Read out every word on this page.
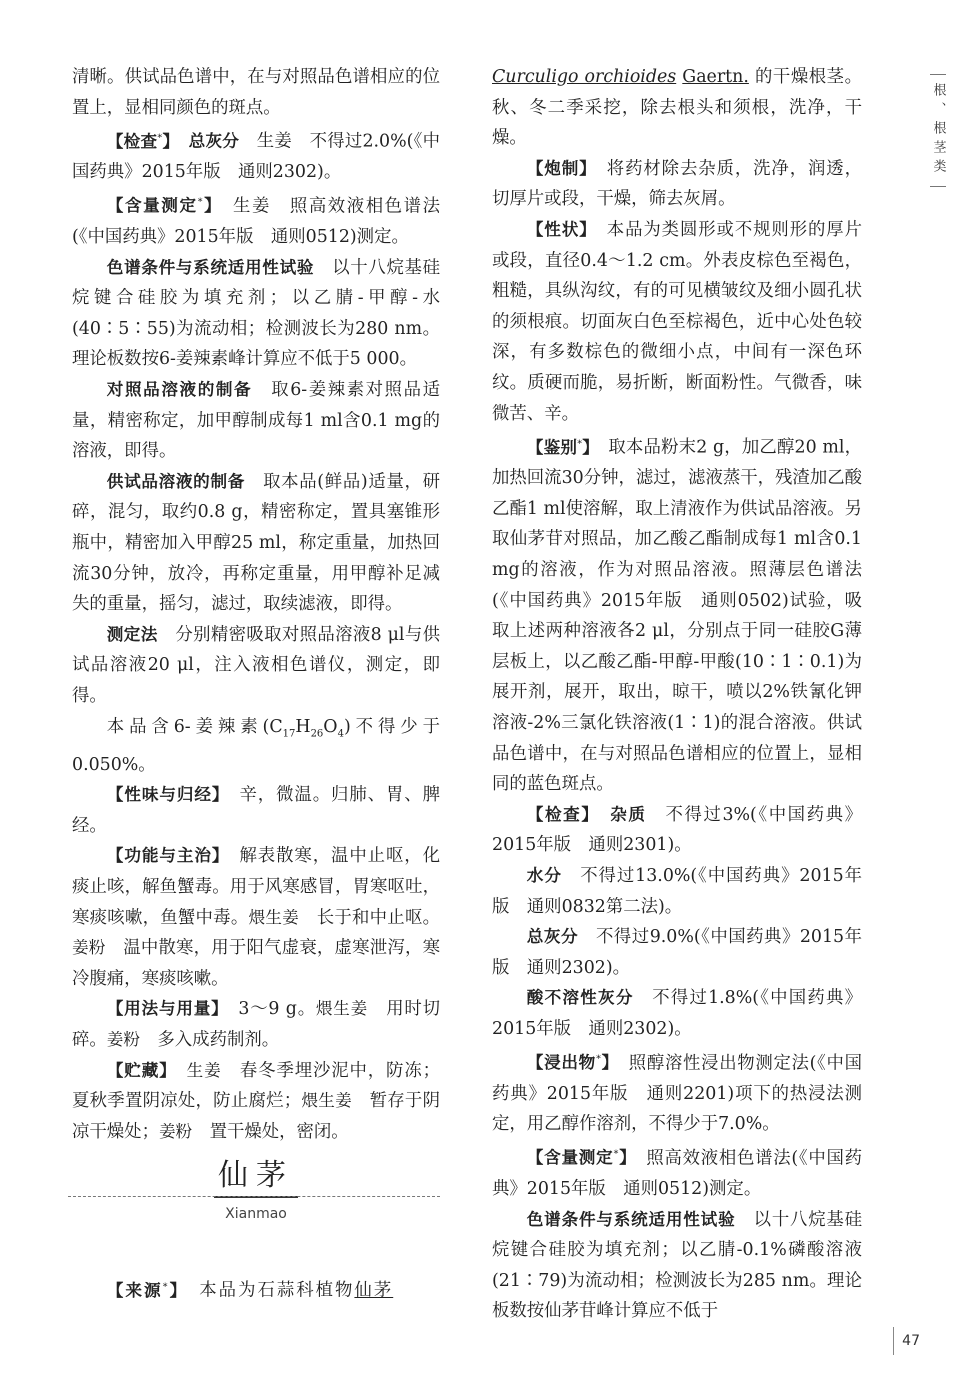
根、根茎类

清晰。供试品色谱中，在与对照品色谱相应的位置上，显相同颜色的斑点。

【检查*】　 总灰分　 生姜　不得过2.0%(《中国药典》2015年版　通则2302)。

【含量测定*】　 生姜　照高效液相色谱法(《中国药典》2015年版　通则0512)测定。

色谱条件与系统适用性试验　 以十八烷基硅烷键合硅胶为填充剂；以乙腈-甲醇-水(40∶5∶55)为流动相；检测波长为280 nm。理论板数按6-姜辣素峰计算应不低于5 000。

对照品溶液的制备　 取6-姜辣素对照品适量，精密称定，加甲醇制成每1 ml含0.1 mg的溶液，即得。

供试品溶液的制备　 取本品(鲜品)适量，研碎，混匀，取约0.8 g，精密称定，置具塞锥形瓶中，精密加入甲醇25 ml，称定重量，加热回流30分钟，放冷，再称定重量，用甲醇补足减失的重量，摇匀，滤过，取续滤液，即得。

测定法　 分别精密吸取对照品溶液8 μl与供试品溶液20 μl，注入液相色谱仪，测定，即得。

本品含6-姜辣素$(C_{17}H_{26}O_4)$不得少于0.050%。

【性味与归经】　 辛，微温。归肺、胃、脾经。

【功能与主治】　 解表散寒，温中止呕，化痰止咳，解鱼蟹毒。用于风寒感冒，胃寒呕吐，寒痰咳嗽，鱼蟹中毒。煨生姜　 长于和中止呕。姜粉　 温中散寒，用于阳气虚衰，虚寒泄泻，寒冷腹痛，寒痰咳嗽。

【用法与用量】　 3～9 g。煨生姜　 用时切碎。姜粉　 多入成药制剂。

【贮藏】　 生姜　 春冬季埋沙泥中，防冻；夏秋季置阴凉处，防止腐烂；煨生姜　 暂存于阴凉干燥处；姜粉　 置干燥处，密闭。

仙茅
Xianmao

【来源*】　 本品为石蒜科植物仙茅

Curculigo orchioides Gaertn. 的干燥根茎。秋、冬二季采挖，除去根头和须根，洗净，干燥。

【炮制】　 将药材除去杂质，洗净，润透，切厚片或段，干燥，筛去灰屑。

【性状】　 本品为类圆形或不规则形的厚片或段，直径0.4～1.2 cm。外表皮棕色至褐色，粗糙，具纵沟纹，有的可见横皱纹及细小圆孔状的须根痕。切面灰白色至棕褐色，近中心处色较深，有多数棕色的微细小点，中间有一深色环纹。质硬而脆，易折断，断面粉性。气微香，味微苦、辛。

【鉴别*】　 取本品粉末2 g，加乙醇20 ml，加热回流30分钟，滤过，滤液蒸干，残渣加乙酸乙酯1 ml使溶解，取上清液作为供试品溶液。另取仙茅苷对照品，加乙酸乙酯制成每1 ml含0.1 mg的溶液，作为对照品溶液。照薄层色谱法(《中国药典》2015年版　通则0502)试验，吸取上述两种溶液各2 μl，分别点于同一硅胶G薄层板上，以乙酸乙酯-甲醇-甲酸(10∶1∶0.1)为展开剂，展开，取出，晾干，喷以2%铁氰化钾溶液-2%三氯化铁溶液(1∶1)的混合溶液。供试品色谱中，在与对照品色谱相应的位置上，显相同的蓝色斑点。

【检查】　 杂质　 不得过3%(《中国药典》2015年版　通则2301)。

水分　 不得过13.0%(《中国药典》2015年版　通则0832第二法)。

总灰分　 不得过9.0%(《中国药典》2015年版　通则2302)。

酸不溶性灰分　 不得过1.8%(《中国药典》2015年版　通则2302)。

【浸出物*】　 照醇溶性浸出物测定法(《中国药典》2015年版　通则2201)项下的热浸法测定，用乙醇作溶剂，不得少于7.0%。

【含量测定*】　 照高效液相色谱法(《中国药典》2015年版　通则0512)测定。

色谱条件与系统适用性试验　 以十八烷基硅烷键合硅胶为填充剂；以乙腈-0.1%磷酸溶液(21∶79)为流动相；检测波长为285 nm。理论板数按仙茅苷峰计算应不低于

47
